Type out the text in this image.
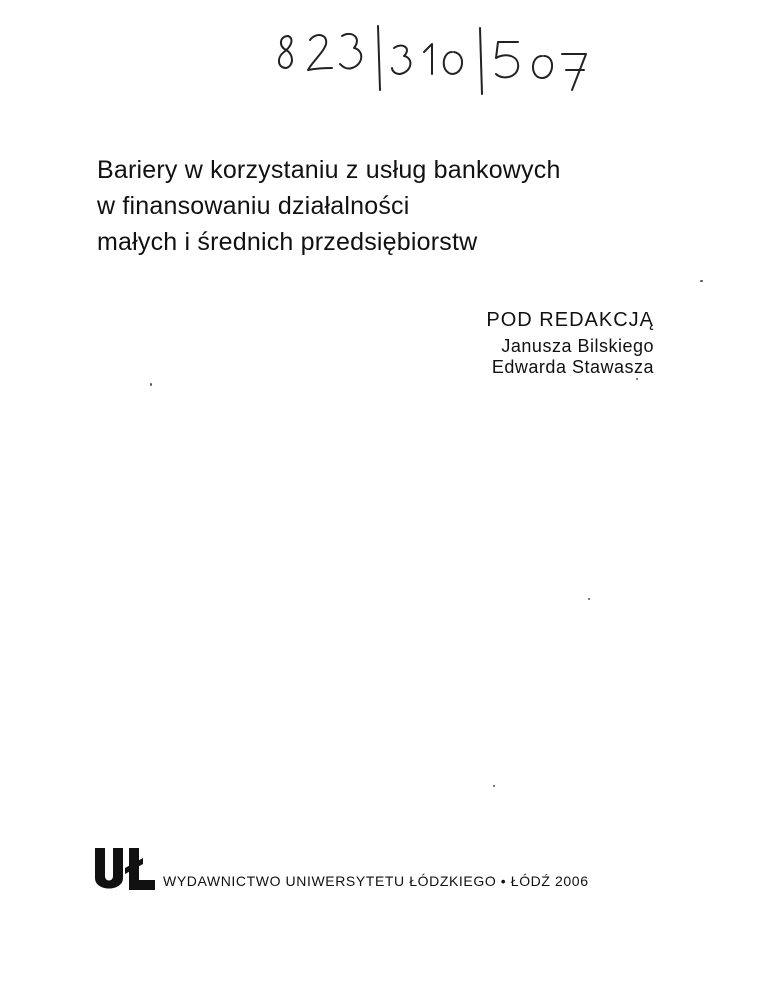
Bariery w korzystaniu z usług bankowych
w finansowaniu działalności
małych i średnich przedsiębiorstw
POD REDAKCJĄ
Janusza Bilskiego
Edwarda Stawasza
WYDAWNICTWO UNIWERSYTETU ŁÓDZKIEGO • ŁÓDŹ 2006
